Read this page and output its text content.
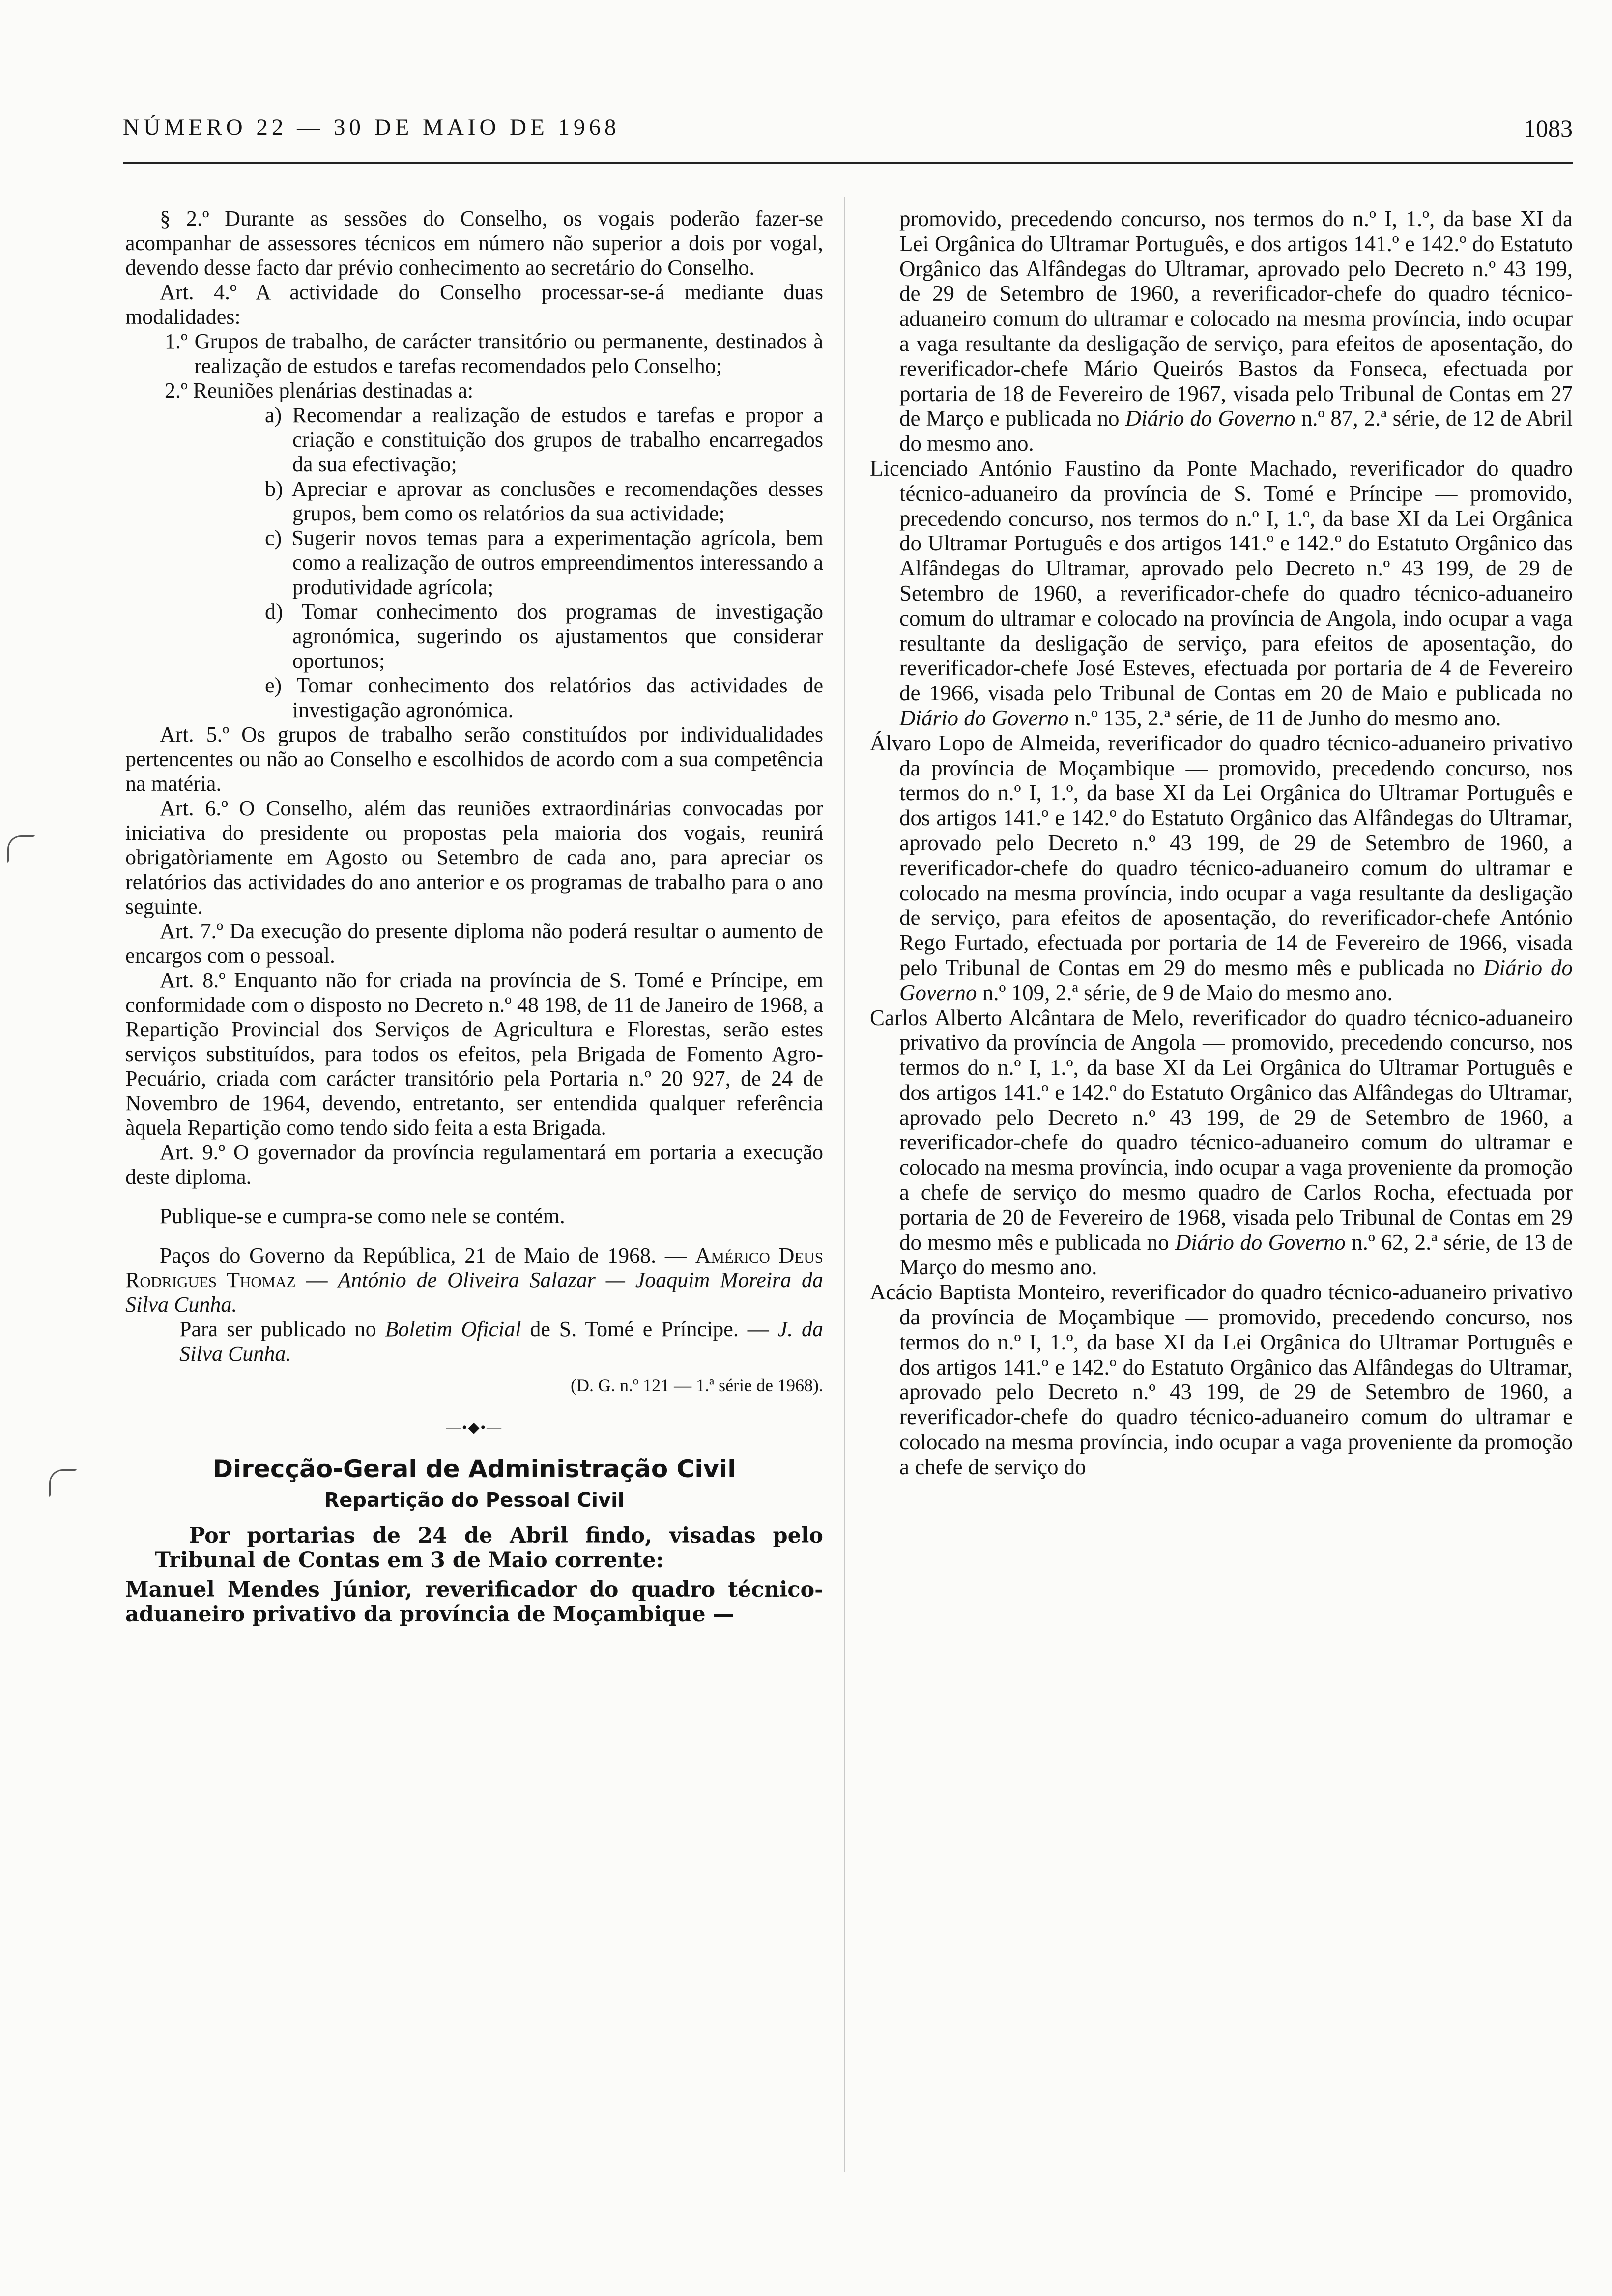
NÚMERO 22 — 30 DE MAIO DE 1968	1083

§ 2.º Durante as sessões do Conselho, os vogais poderão fazer-se acompanhar de assessores técnicos em número não superior a dois por vogal, devendo desse facto dar prévio conhecimento ao secretário do Conselho.

Art. 4.º A actividade do Conselho processar-se-á mediante duas modalidades:

1.º Grupos de trabalho, de carácter transitório ou permanente, destinados à realização de estudos e tarefas recomendados pelo Conselho;

2.º Reuniões plenárias destinadas a:

a) Recomendar a realização de estudos e tarefas e propor a criação e constituição dos grupos de trabalho encarregados da sua efectivação;

b) Apreciar e aprovar as conclusões e recomendações desses grupos, bem como os relatórios da sua actividade;

c) Sugerir novos temas para a experimentação agrícola, bem como a realização de outros empreendimentos interessando a produtividade agrícola;

d) Tomar conhecimento dos programas de investigação agronómica, sugerindo os ajustamentos que considerar oportunos;

e) Tomar conhecimento dos relatórios das actividades de investigação agronómica.

Art. 5.º Os grupos de trabalho serão constituídos por individualidades pertencentes ou não ao Conselho e escolhidos de acordo com a sua competência na matéria.

Art. 6.º O Conselho, além das reuniões extraordinárias convocadas por iniciativa do presidente ou propostas pela maioria dos vogais, reunirá obrigatòriamente em Agosto ou Setembro de cada ano, para apreciar os relatórios das actividades do ano anterior e os programas de trabalho para o ano seguinte.

Art. 7.º Da execução do presente diploma não poderá resultar o aumento de encargos com o pessoal.

Art. 8.º Enquanto não for criada na província de S. Tomé e Príncipe, em conformidade com o disposto no Decreto n.º 48 198, de 11 de Janeiro de 1968, a Repartição Provincial dos Serviços de Agricultura e Florestas, serão estes serviços substituídos, para todos os efeitos, pela Brigada de Fomento Agro-Pecuário, criada com carácter transitório pela Portaria n.º 20 927, de 24 de Novembro de 1964, devendo, entretanto, ser entendida qualquer referência àquela Repartição como tendo sido feita a esta Brigada.

Art. 9.º O governador da província regulamentará em portaria a execução deste diploma.

Publique-se e cumpra-se como nele se contém.

Paços do Governo da República, 21 de Maio de 1968. — Américo Deus Rodrigues Thomaz — António de Oliveira Salazar — Joaquim Moreira da Silva Cunha.

Para ser publicado no Boletim Oficial de S. Tomé e Príncipe. — J. da Silva Cunha.

(D. G. n.º 121 — 1.ª série de 1968).

—•◆•—

Direcção-Geral de Administração Civil

Repartição do Pessoal Civil

Por portarias de 24 de Abril findo, visadas pelo Tribunal de Contas em 3 de Maio corrente:

Manuel Mendes Júnior, reverificador do quadro técnico-aduaneiro privativo da província de Moçambique —

promovido, precedendo concurso, nos termos do n.º I, 1.º, da base XI da Lei Orgânica do Ultramar Português, e dos artigos 141.º e 142.º do Estatuto Orgânico das Alfândegas do Ultramar, aprovado pelo Decreto n.º 43 199, de 29 de Setembro de 1960, a reverificador-chefe do quadro técnico-aduaneiro comum do ultramar e colocado na mesma província, indo ocupar a vaga resultante da desligação de serviço, para efeitos de aposentação, do reverificador-chefe Mário Queirós Bastos da Fonseca, efectuada por portaria de 18 de Fevereiro de 1967, visada pelo Tribunal de Contas em 27 de Março e publicada no Diário do Governo n.º 87, 2.ª série, de 12 de Abril do mesmo ano.

Licenciado António Faustino da Ponte Machado, reverificador do quadro técnico-aduaneiro da província de S. Tomé e Príncipe — promovido, precedendo concurso, nos termos do n.º I, 1.º, da base XI da Lei Orgânica do Ultramar Português e dos artigos 141.º e 142.º do Estatuto Orgânico das Alfândegas do Ultramar, aprovado pelo Decreto n.º 43 199, de 29 de Setembro de 1960, a reverificador-chefe do quadro técnico-aduaneiro comum do ultramar e colocado na província de Angola, indo ocupar a vaga resultante da desligação de serviço, para efeitos de aposentação, do reverificador-chefe José Esteves, efectuada por portaria de 4 de Fevereiro de 1966, visada pelo Tribunal de Contas em 20 de Maio e publicada no Diário do Governo n.º 135, 2.ª série, de 11 de Junho do mesmo ano.

Álvaro Lopo de Almeida, reverificador do quadro técnico-aduaneiro privativo da província de Moçambique — promovido, precedendo concurso, nos termos do n.º I, 1.º, da base XI da Lei Orgânica do Ultramar Português e dos artigos 141.º e 142.º do Estatuto Orgânico das Alfândegas do Ultramar, aprovado pelo Decreto n.º 43 199, de 29 de Setembro de 1960, a reverificador-chefe do quadro técnico-aduaneiro comum do ultramar e colocado na mesma província, indo ocupar a vaga resultante da desligação de serviço, para efeitos de aposentação, do reverificador-chefe António Rego Furtado, efectuada por portaria de 14 de Fevereiro de 1966, visada pelo Tribunal de Contas em 29 do mesmo mês e publicada no Diário do Governo n.º 109, 2.ª série, de 9 de Maio do mesmo ano.

Carlos Alberto Alcântara de Melo, reverificador do quadro técnico-aduaneiro privativo da província de Angola — promovido, precedendo concurso, nos termos do n.º I, 1.º, da base XI da Lei Orgânica do Ultramar Português e dos artigos 141.º e 142.º do Estatuto Orgânico das Alfândegas do Ultramar, aprovado pelo Decreto n.º 43 199, de 29 de Setembro de 1960, a reverificador-chefe do quadro técnico-aduaneiro comum do ultramar e colocado na mesma província, indo ocupar a vaga proveniente da promoção a chefe de serviço do mesmo quadro de Carlos Rocha, efectuada por portaria de 20 de Fevereiro de 1968, visada pelo Tribunal de Contas em 29 do mesmo mês e publicada no Diário do Governo n.º 62, 2.ª série, de 13 de Março do mesmo ano.

Acácio Baptista Monteiro, reverificador do quadro técnico-aduaneiro privativo da província de Moçambique — promovido, precedendo concurso, nos termos do n.º I, 1.º, da base XI da Lei Orgânica do Ultramar Português e dos artigos 141.º e 142.º do Estatuto Orgânico das Alfândegas do Ultramar, aprovado pelo Decreto n.º 43 199, de 29 de Setembro de 1960, a reverificador-chefe do quadro técnico-aduaneiro comum do ultramar e colocado na mesma província, indo ocupar a vaga proveniente da promoção a chefe de serviço do
